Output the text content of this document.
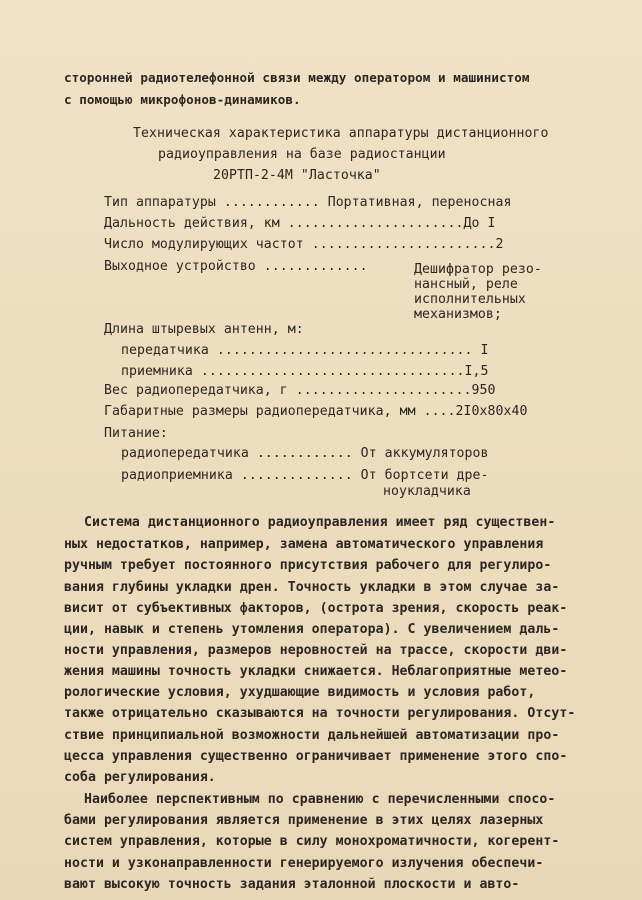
сторонней радиотелефонной связи между оператором и машинистом
с помощью микрофонов-динамиков.
Техническая характеристика аппаратуры дистанционного
радиоуправления на базе радиостанции
20РТП-2-4М "Ласточка"
Тип аппаратуры ............ Портативная, переносная
Дальность действия, км ......................До I
Число модулирующих частот .......................2
Выходное устройство .............	Дешифратор резо-
нансный, реле
исполнительных
механизмов;
Длина штыревых антенн, м:
передатчика ................................ I
приемника .................................I,5
Вес радиопередатчика, г ......................950
Габаритные размеры радиопередатчика, мм ....2I0х80х40
Питание:
радиопередатчика ............ От аккумуляторов
радиоприемника .............. От бортсети дре-
ноукладчика
Система дистанционного радиоуправления имеет ряд существен-
ных недостатков, например, замена автоматического управления
ручным требует постоянного присутствия рабочего для регулиро-
вания глубины укладки дрен. Точность укладки в этом случае за-
висит от субъективных факторов, (острота зрения, скорость реак-
ции, навык и степень утомления оператора). С увеличением даль-
ности управления, размеров неровностей на трассе, скорости дви-
жения машины точность укладки снижается. Неблагоприятные метео-
рологические условия, ухудшающие видимость и условия работ,
также отрицательно сказываются на точности регулирования. Отсут-
ствие принципиальной возможности дальнейшей автоматизации про-
цесса управления существенно ограничивает применение этого спо-
соба регулирования.
Наиболее перспективным по сравнению с перечисленными спосо-
бами регулирования является применение в этих целях лазерных
систем управления, которые в силу монохроматичности, когерент-
ности и узконаправленности генерируемого излучения обеспечи-
вают высокую точность задания эталонной плоскости и авто-
